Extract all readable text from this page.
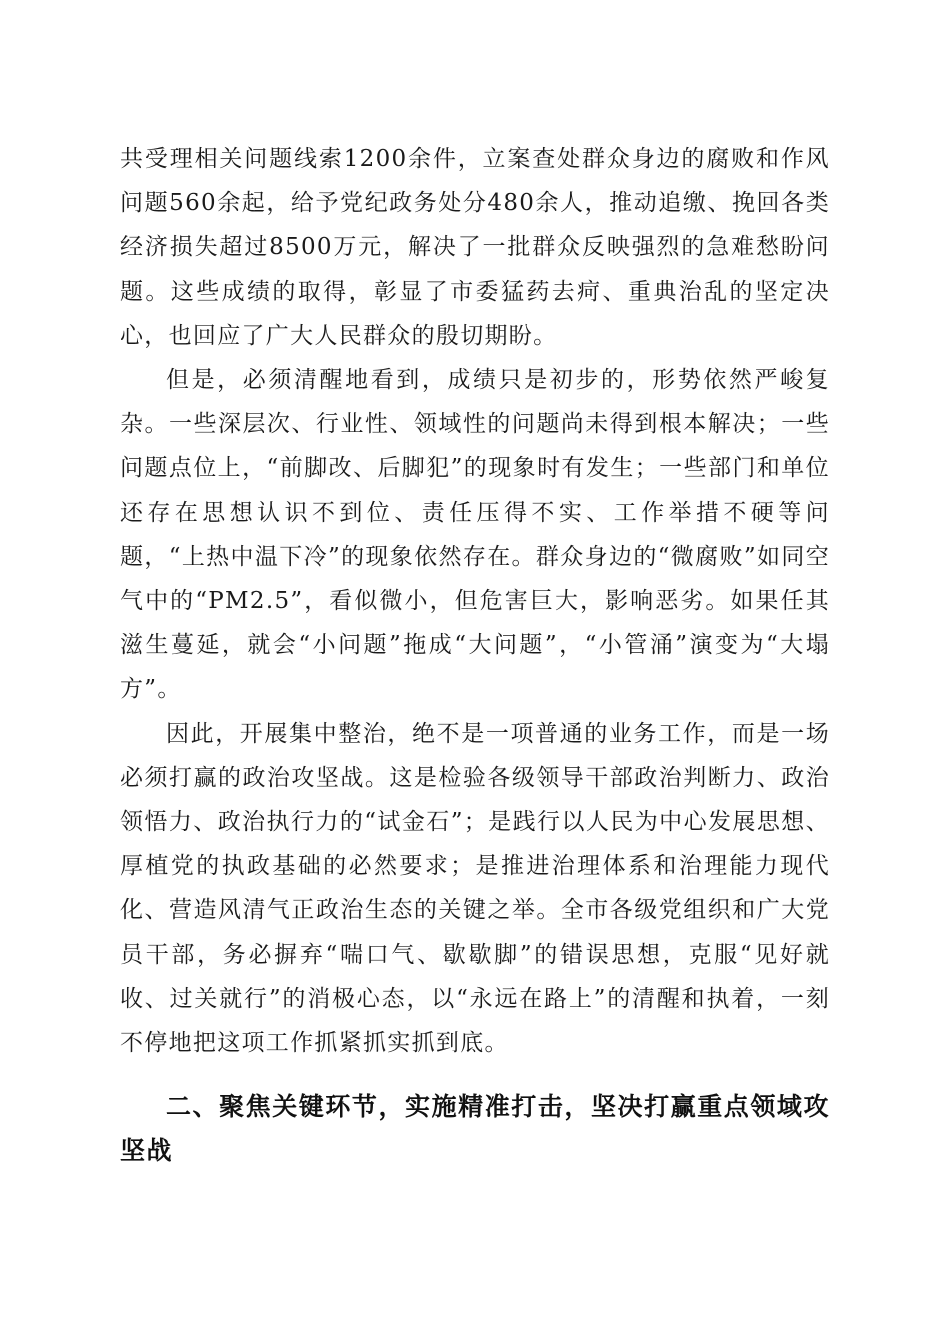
共受理相关问题线索1200余件，立案查处群众身边的腐败和作风问题560余起，给予党纪政务处分480余人，推动追缴、挽回各类经济损失超过8500万元，解决了一批群众反映强烈的急难愁盼问题。这些成绩的取得，彰显了市委猛药去疴、重典治乱的坚定决心，也回应了广大人民群众的殷切期盼。

但是，必须清醒地看到，成绩只是初步的，形势依然严峻复杂。一些深层次、行业性、领域性的问题尚未得到根本解决；一些问题点位上，“前脚改、后脚犯”的现象时有发生；一些部门和单位还存在思想认识不到位、责任压得不实、工作举措不硬等问题，“上热中温下冷”的现象依然存在。群众身边的“微腐败”如同空气中的“PM2.5”，看似微小，但危害巨大，影响恶劣。如果任其滋生蔓延，就会“小问题”拖成“大问题”，“小管涌”演变为“大塌方”。

因此，开展集中整治，绝不是一项普通的业务工作，而是一场必须打赢的政治攻坚战。这是检验各级领导干部政治判断力、政治领悟力、政治执行力的“试金石”；是践行以人民为中心发展思想、厚植党的执政基础的必然要求；是推进治理体系和治理能力现代化、营造风清气正政治生态的关键之举。全市各级党组织和广大党员干部，务必摒弃“喘口气、歇歇脚”的错误思想，克服“见好就收、过关就行”的消极心态，以“永远在路上”的清醒和执着，一刻不停地把这项工作抓紧抓实抓到底。

二、聚焦关键环节，实施精准打击，坚决打赢重点领域攻坚战
